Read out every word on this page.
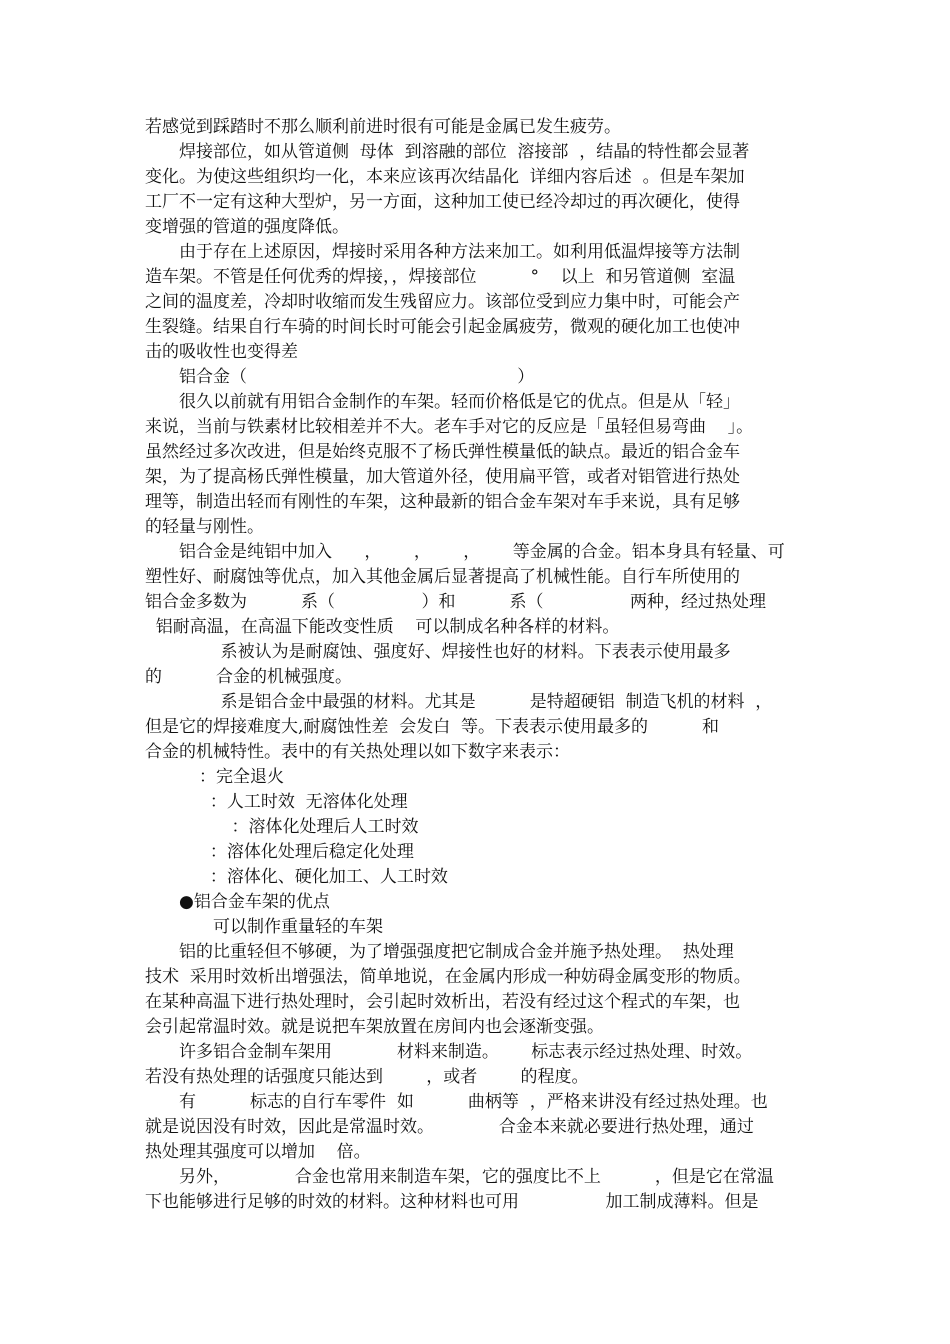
若感觉到踩踏时不那么顺利前进时很有可能是金属已发生疲劳。
　　焊接部位，如从管道侧  母体  到溶融的部位  溶接部  ，结晶的特性都会显著
变化。为使这些组织均一化，本来应该再次结晶化  详细内容后述  。但是车架加
工厂不一定有这种大型炉，另一方面，这种加工使已经冷却过的再次硬化，使得
变增强的管道的强度降低。
　　由于存在上述原因，焊接时采用各种方法来加工。如利用低温焊接等方法制
造车架。不管是任何优秀的焊接，，焊接部位          °    以上  和另管道侧  室温
之间的温度差，冷却时收缩而发生残留应力。该部位受到应力集中时，可能会产
生裂缝。结果自行车骑的时间长时可能会引起金属疲劳，微观的硬化加工也使冲
击的吸收性也变得差
　　铝合金（                                                  ）
　　很久以前就有用铝合金制作的车架。轻而价格低是它的优点。但是从「轻」
来说，当前与铁素材比较相差并不大。老车手对它的反应是「虽轻但易弯曲    」。
虽然经过多次改进，但是始终克服不了杨氏弹性模量低的缺点。最近的铝合金车
架，为了提高杨氏弹性模量，加大管道外径，使用扁平管，或者对铝管进行热处
理等，制造出轻而有刚性的车架，这种最新的铝合金车架对车手来说，具有足够
的轻量与刚性。
　　铝合金是纯铝中加入      ，      ，      ，      等金属的合金。铝本身具有轻量、可
塑性好、耐腐蚀等优点，加入其他金属后显著提高了机械性能。自行车所使用的
铝合金多数为          系（                ）和          系（                两种，经过热处理
铝耐高温，在高温下能改变性质    可以制成名种各样的材料。
系被认为是耐腐蚀、强度好、焊接性也好的材料。下表表示使用最多
的          合金的机械强度。
系是铝合金中最强的材料。尤其是          是特超硬铝  制造飞机的材料  ，
但是它的焊接难度大,耐腐蚀性差  会发白  等。下表表示使用最多的          和
合金的机械特性。表中的有关热处理以如下数字来表示：
：完全退火
：人工时效  无溶体化处理
：溶体化处理后人工时效
：溶体化处理后稳定化处理
：溶体化、硬化加工、人工时效
　　●铝合金车架的优点
　　　　可以制作重量轻的车架
　　铝的比重轻但不够硬，为了增强强度把它制成合金并施予热处理。  热处理
技术  采用时效析出增强法，简单地说，在金属内形成一种妨碍金属变形的物质。
在某种高温下进行热处理时，会引起时效析出，若没有经过这个程式的车架，也
会引起常温时效。就是说把车架放置在房间内也会逐渐变强。
　　许多铝合金制车架用            材料来制造。      标志表示经过热处理、时效。
若没有热处理的话强度只能达到        ，或者        的程度。
　　有          标志的自行车零件  如          曲柄等  ，严格来讲没有经过热处理。也
就是说因没有时效，因此是常温时效。            合金本来就必要进行热处理，通过
热处理其强度可以增加    倍。
　　另外，            合金也常用来制造车架，它的强度比不上          ，但是它在常温
下也能够进行足够的时效的材料。这种材料也可用                加工制成薄料。但是
